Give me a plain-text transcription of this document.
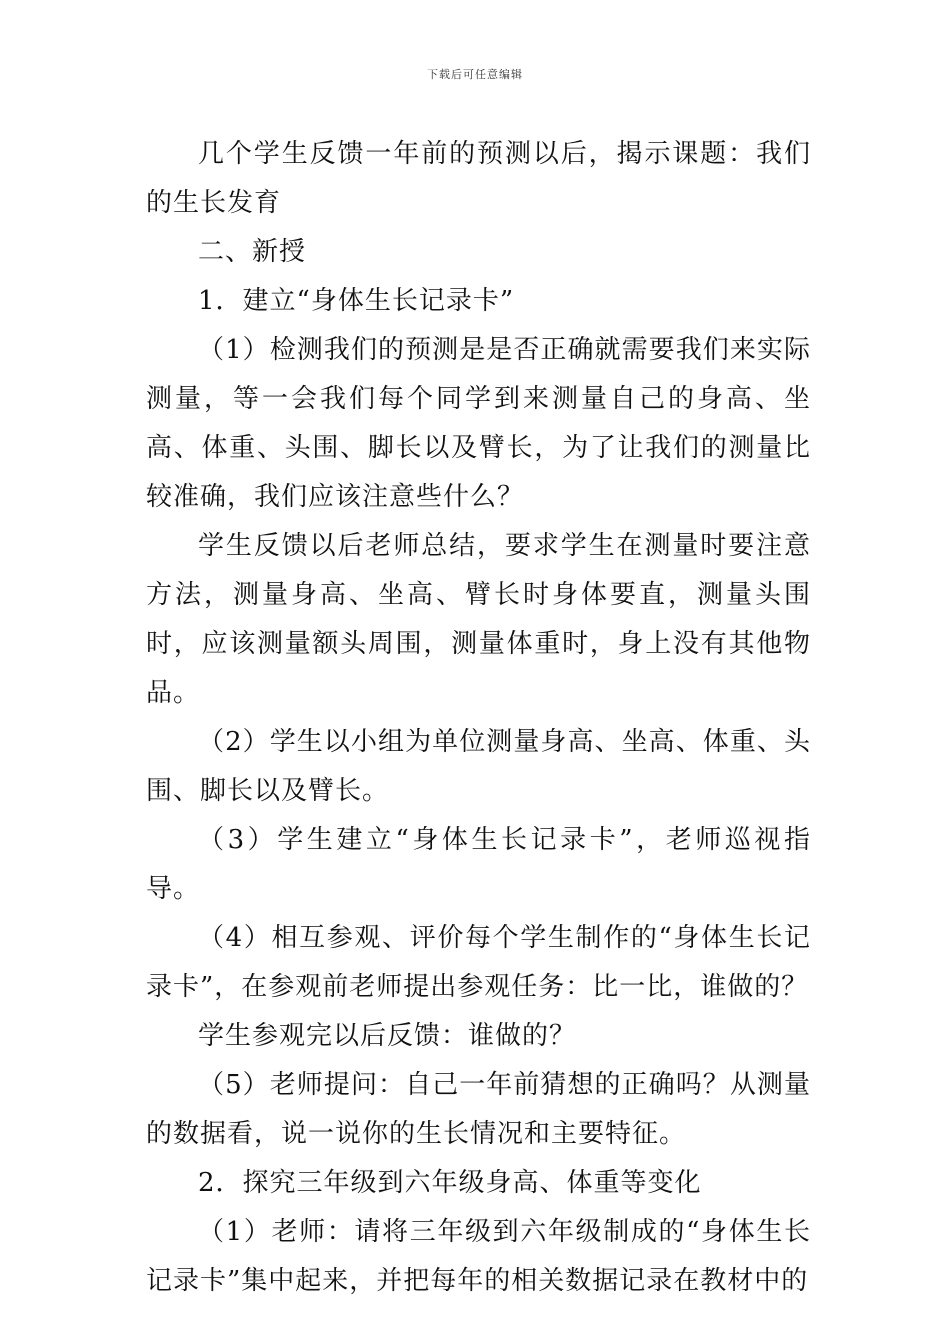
下载后可任意编辑

几个学生反馈一年前的预测以后，揭示课题：我们的生长发育

二、新授

1．建立“身体生长记录卡”

（1）检测我们的预测是是否正确就需要我们来实际测量，等一会我们每个同学到来测量自己的身高、坐高、体重、头围、脚长以及臂长，为了让我们的测量比较准确，我们应该注意些什么？

学生反馈以后老师总结，要求学生在测量时要注意方法，测量身高、坐高、臂长时身体要直，测量头围时，应该测量额头周围，测量体重时，身上没有其他物品。

（2）学生以小组为单位测量身高、坐高、体重、头围、脚长以及臂长。

（3）学生建立“身体生长记录卡”，老师巡视指导。

（4）相互参观、评价每个学生制作的“身体生长记录卡”，在参观前老师提出参观任务：比一比，谁做的？

学生参观完以后反馈：谁做的？

（5）老师提问：自己一年前猜想的正确吗？从测量的数据看，说一说你的生长情况和主要特征。

2．探究三年级到六年级身高、体重等变化

（1）老师：请将三年级到六年级制成的“身体生长记录卡”集中起来，并把每年的相关数据记录在教材中的
